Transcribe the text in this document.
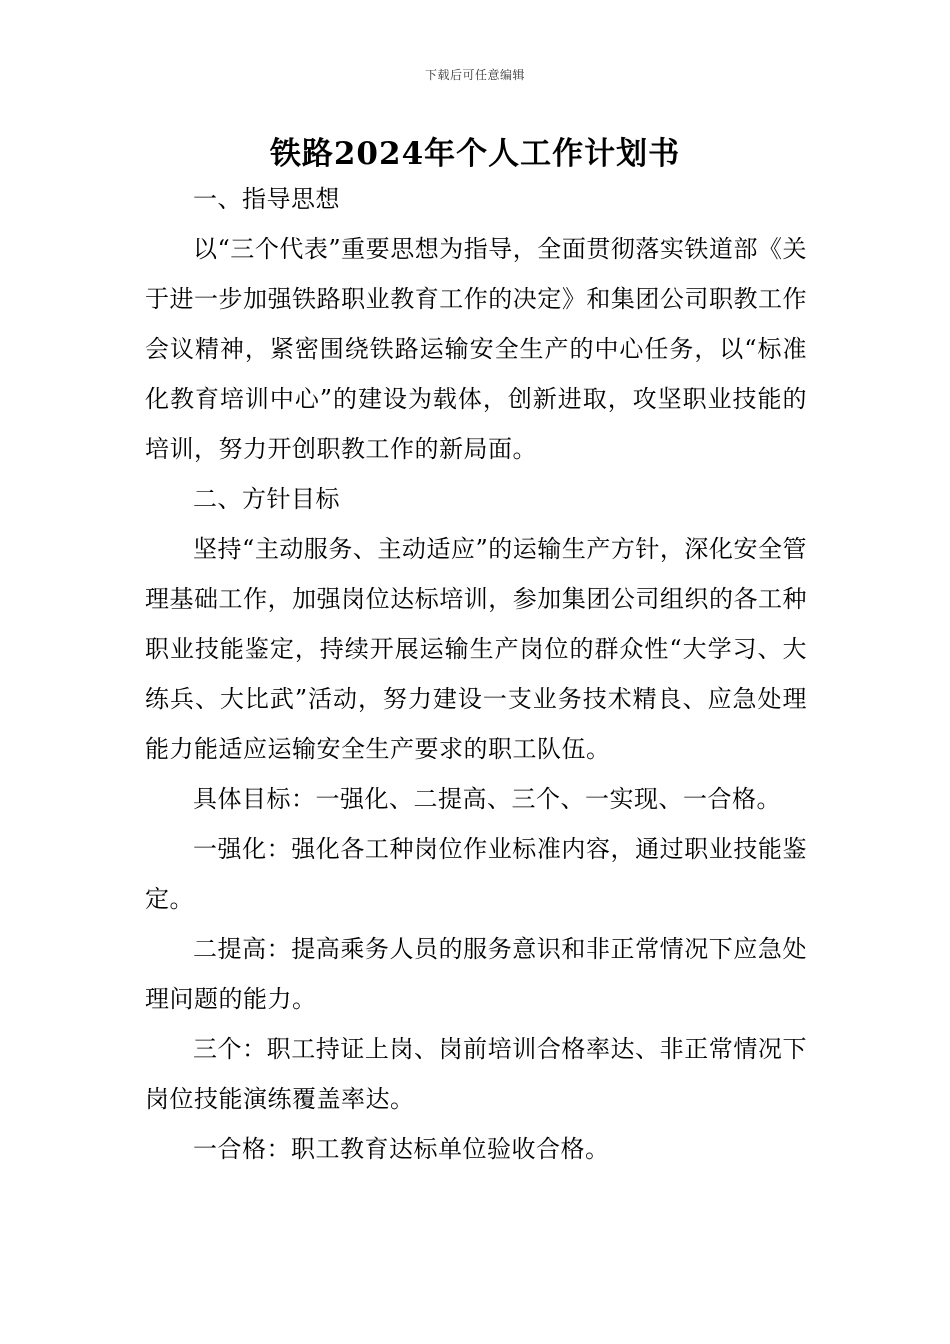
下载后可任意编辑
铁路2024年个人工作计划书

一、指导思想

以“三个代表”重要思想为指导，全面贯彻落实铁道部《关于进一步加强铁路职业教育工作的决定》和集团公司职教工作会议精神，紧密围绕铁路运输安全生产的中心任务，以“标准化教育培训中心”的建设为载体，创新进取，攻坚职业技能的培训，努力开创职教工作的新局面。

二、方针目标

坚持“主动服务、主动适应”的运输生产方针，深化安全管理基础工作，加强岗位达标培训，参加集团公司组织的各工种职业技能鉴定，持续开展运输生产岗位的群众性“大学习、大练兵、大比武”活动，努力建设一支业务技术精良、应急处理能力能适应运输安全生产要求的职工队伍。

具体目标：一强化、二提高、三个、一实现、一合格。

一强化：强化各工种岗位作业标准内容，通过职业技能鉴定。

二提高：提高乘务人员的服务意识和非正常情况下应急处理问题的能力。

三个：职工持证上岗、岗前培训合格率达、非正常情况下岗位技能演练覆盖率达。

一合格：职工教育达标单位验收合格。
